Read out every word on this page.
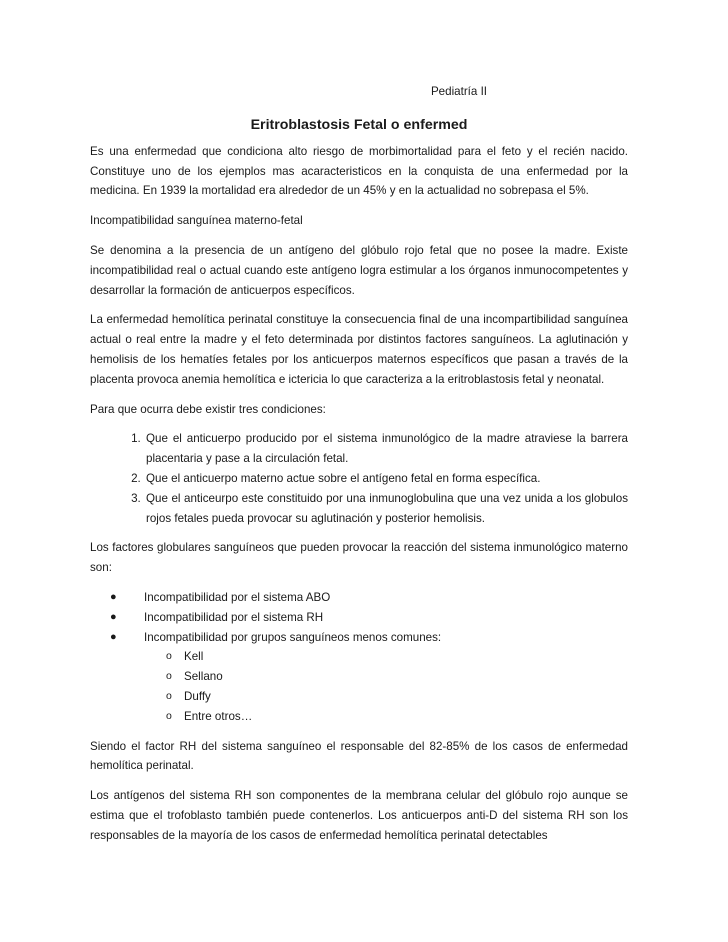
Pediatría II
Eritroblastosis Fetal o enfermed

Es una enfermedad que condiciona alto riesgo de morbimortalidad para el feto y el recién nacido. Constituye uno de los ejemplos mas acaracteristicos en la conquista de una enfermedad por la medicina. En 1939 la mortalidad era alrededor de un 45% y en la actualidad no sobrepasa el 5%.

Incompatibilidad sanguínea materno-fetal

Se denomina a la presencia de un antígeno del glóbulo rojo fetal que no posee la madre. Existe incompatibilidad real o actual cuando este antígeno logra estimular a los órganos inmunocompetentes y desarrollar la formación de anticuerpos específicos.

La enfermedad hemolítica perinatal constituye la consecuencia final de una incompartibilidad sanguínea actual o real entre la madre y el feto determinada por distintos factores sanguíneos. La aglutinación y hemolisis de los hematíes fetales por los anticuerpos maternos específicos que pasan a través de la placenta provoca anemia hemolítica e ictericia lo que caracteriza a la eritroblastosis fetal y neonatal.

Para que ocurra debe existir tres condiciones:

1. Que el anticuerpo producido por el sistema inmunológico de la madre atraviese la barrera placentaria y pase a la circulación fetal.
2. Que el anticuerpo materno actue sobre el antígeno fetal en forma específica.
3. Que el anticeurpo este constituido por una inmunoglobulina que una vez unida a los globulos rojos fetales pueda provocar su aglutinación y posterior hemolisis.

Los factores globulares sanguíneos que pueden provocar la reacción del sistema inmunológico materno son:

● Incompatibilidad por el sistema ABO
● Incompatibilidad por el sistema RH
● Incompatibilidad por grupos sanguíneos menos comunes:
o Kell
o Sellano
o Duffy
o Entre otros…

Siendo el factor RH del sistema sanguíneo el responsable del 82-85% de los casos de enfermedad hemolítica perinatal.

Los antígenos del sistema RH son componentes de la membrana celular del glóbulo rojo aunque se estima que el trofoblasto también puede contenerlos. Los anticuerpos anti-D del sistema RH son los responsables de la mayoría de los casos de enfermedad hemolítica perinatal detectables
